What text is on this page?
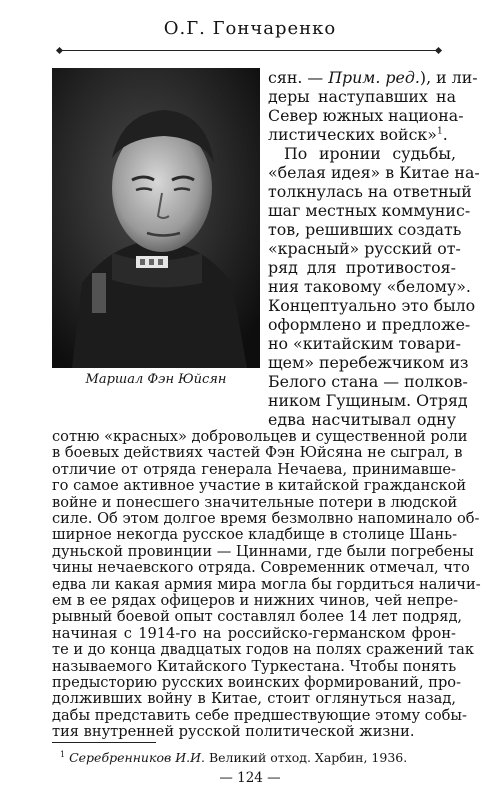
О.Г. Гончаренко
Маршал Фэн Юйсян
сян. — Прим. ред.), и ли-
деры наступавших на
Север южных национа-
листических войск»$^1$.
По иронии судьбы,
«белая идея» в Китае на-
толкнулась на ответный
шаг местных коммунис-
тов, решивших создать
«красный» русский от-
ряд для противостоя-
ния таковому «белому».
Концептуально это было
оформлено и предложе-
но «китайским товари-
щем» перебежчиком из
Белого стана — полков-
ником Гущиным. Отряд
едва насчитывал одну
сотню «красных» добровольцев и существенной роли
в боевых действиях частей Фэн Юйсяна не сыграл, в
отличие от отряда генерала Нечаева, принимавше-
го самое активное участие в китайской гражданской
войне и понесшего значительные потери в людской
силе. Об этом долгое время безмолвно напоминало об-
ширное некогда русское кладбище в столице Шань-
дуньской провинции — Циннами, где были погребены
чины нечаевского отряда. Современник отмечал, что
едва ли какая армия мира могла бы гордиться наличи-
ем в ее рядах офицеров и нижних чинов, чей непре-
рывный боевой опыт составлял более 14 лет подряд,
начиная с 1914-го на российско-германском фрон-
те и до конца двадцатых годов на полях сражений так
называемого Китайского Туркестана. Чтобы понять
предысторию русских воинских формирований, про-
$^1$ Серебренников И.И. Великий отход. Харбин, 1936.
— 124 —
долживших войну в Китае, стоит оглянуться назад,
дабы представить себе предшествующие этому собы-
тия внутренней русской политической жизни.
